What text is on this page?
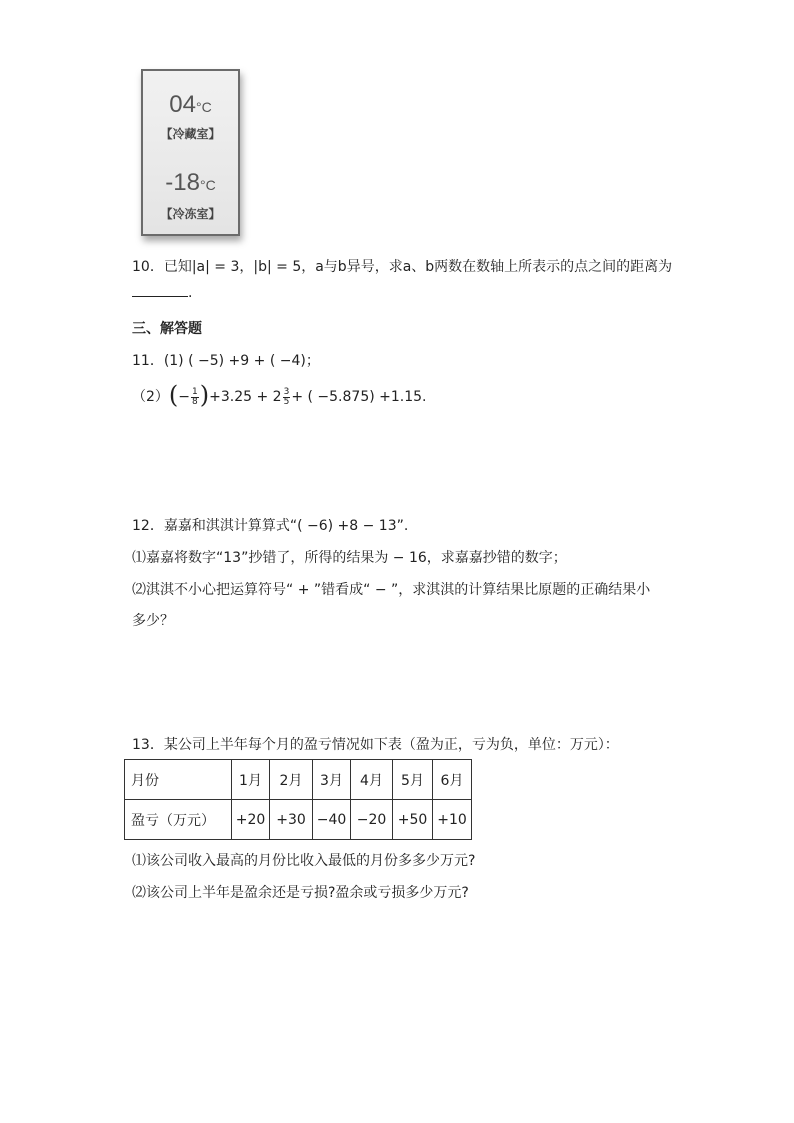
04°C
【冷藏室】
-18°C
【冷冻室】
10．已知|a| = 3，|b| = 5，a与b异号，求a、b两数在数轴上所表示的点之间的距离为
.
三、解答题
11．(1) ( −5) +9 + ( −4)；
$(2)(- \frac{1}{8} )+3.25 + 2 \frac{3}{5}$ + ( −5.875) +1.15.
12．嘉嘉和淇淇计算算式“( −6) +8 − 13”.
⑴嘉嘉将数字“13”抄错了，所得的结果为 − 16，求嘉嘉抄错的数字；
⑵淇淇不小心把运算符号“ + ”错看成“ − ”，求淇淇的计算结果比原题的正确结果小
多少？
13．某公司上半年每个月的盈亏情况如下表（盈为正，亏为负，单位：万元）：
月份	1月	2月	3月	4月	5月	6月
盈亏（万元）	+20	+30	−40	−20	+50	+10
⑴该公司收入最高的月份比收入最低的月份多多少万元?
⑵该公司上半年是盈余还是亏损?盈余或亏损多少万元?
